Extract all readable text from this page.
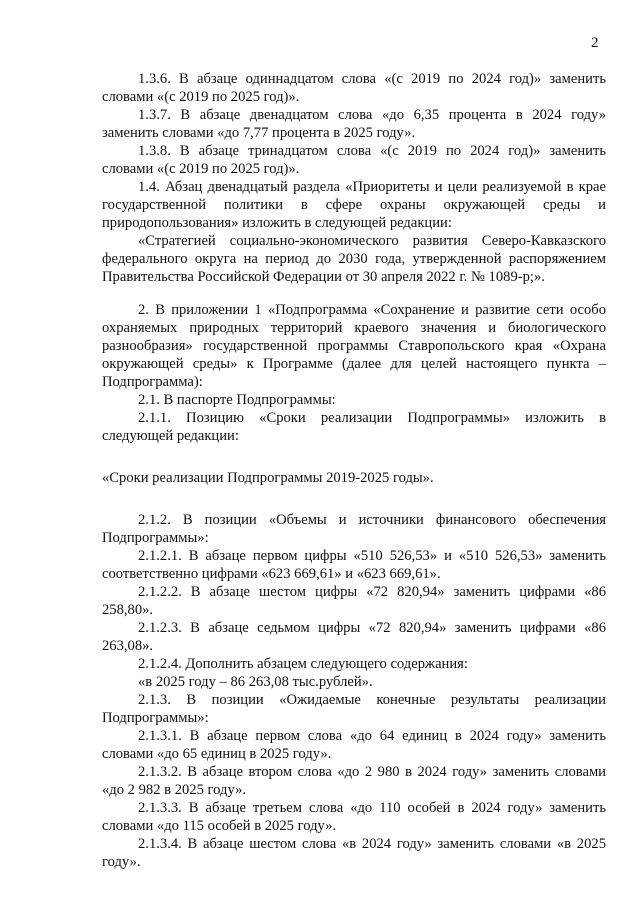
2

1.3.6. В абзаце одиннадцатом слова «(с 2019 по 2024 год)» заменить словами «(с 2019 по 2025 год)».

1.3.7. В абзаце двенадцатом слова «до 6,35 процента в 2024 году» заменить словами «до 7,77 процента в 2025 году».

1.3.8. В абзаце тринадцатом слова «(с 2019 по 2024 год)» заменить словами «(с 2019 по 2025 год)».

1.4. Абзац двенадцатый раздела «Приоритеты и цели реализуемой в крае государственной политики в сфере охраны окружающей среды и природопользования» изложить в следующей редакции:

«Стратегией социально-экономического развития Северо-Кавказского федерального округа на период до 2030 года, утвержденной распоряжением Правительства Российской Федерации от 30 апреля 2022 г. № 1089-р;».

2. В приложении 1 «Подпрограмма «Сохранение и развитие сети особо охраняемых природных территорий краевого значения и биологического разнообразия» государственной программы Ставропольского края «Охрана окружающей среды» к Программе (далее для целей настоящего пункта – Подпрограмма):

2.1. В паспорте Подпрограммы:

2.1.1. Позицию «Сроки реализации Подпрограммы» изложить в следующей редакции:

«Сроки реализации Подпрограммы 2019-2025 годы».

2.1.2. В позиции «Объемы и источники финансового обеспечения Подпрограммы»:

2.1.2.1. В абзаце первом цифры «510 526,53» и «510 526,53» заменить соответственно цифрами «623 669,61» и «623 669,61».

2.1.2.2. В абзаце шестом цифры «72 820,94» заменить цифрами «86 258,80».

2.1.2.3. В абзаце седьмом цифры «72 820,94» заменить цифрами «86 263,08».

2.1.2.4. Дополнить абзацем следующего содержания:

«в 2025 году – 86 263,08 тыс.рублей».

2.1.3. В позиции «Ожидаемые конечные результаты реализации Подпрограммы»:

2.1.3.1. В абзаце первом слова «до 64 единиц в 2024 году» заменить словами «до 65 единиц в 2025 году».

2.1.3.2. В абзаце втором слова «до 2 980 в 2024 году» заменить словами «до 2 982 в 2025 году».

2.1.3.3. В абзаце третьем слова «до 110 особей в 2024 году» заменить словами «до 115 особей в 2025 году».

2.1.3.4. В абзаце шестом слова «в 2024 году» заменить словами «в 2025 году».
